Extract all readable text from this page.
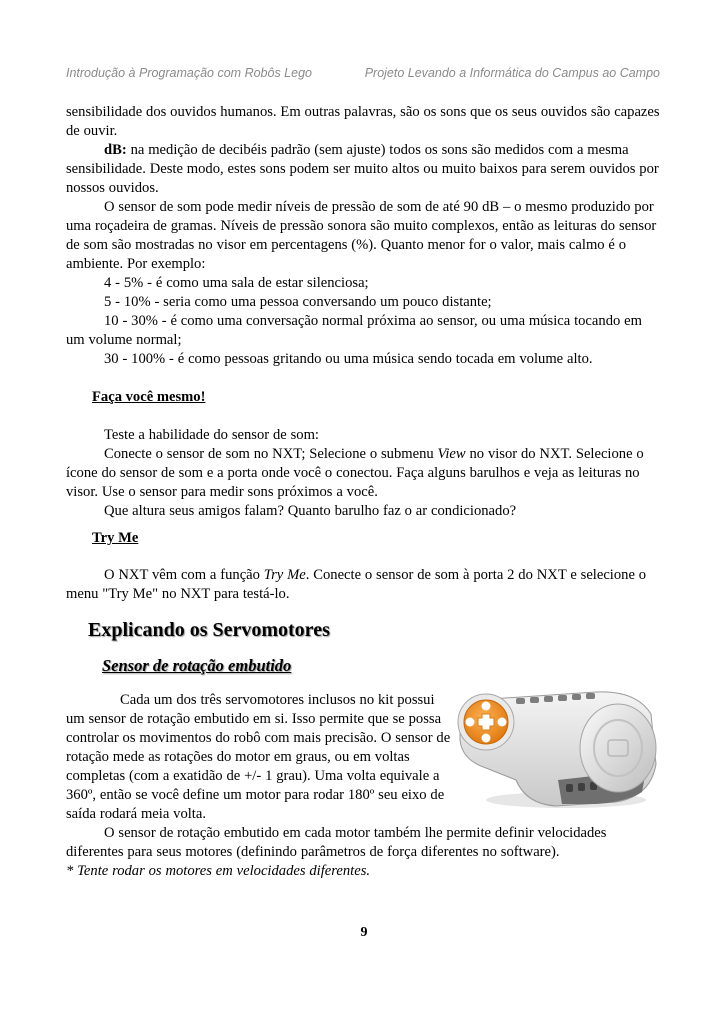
Introdução à Programação com Robôs Lego	Projeto Levando a Informática do Campus ao Campo

sensibilidade dos ouvidos humanos. Em outras palavras, são os sons que os seus ouvidos são capazes de ouvir.

dB: na medição de decibéis padrão (sem ajuste) todos os sons são medidos com a mesma sensibilidade. Deste modo, estes sons podem ser muito altos ou muito baixos para serem ouvidos por nossos ouvidos.

O sensor de som pode medir níveis de pressão de som de até 90 dB – o mesmo produzido por uma roçadeira de gramas. Níveis de pressão sonora são muito complexos, então as leituras do sensor de som são mostradas no visor em percentagens (%). Quanto menor for o valor, mais calmo é o ambiente. Por exemplo:

4 - 5% - é como uma sala de estar silenciosa;

5 - 10% - seria como uma pessoa conversando um pouco distante;

10 - 30% - é como uma conversação normal próxima ao sensor, ou uma música tocando em um volume normal;

30 - 100% - é como pessoas gritando ou uma música sendo tocada em volume alto.

Faça você mesmo!

Teste a habilidade do sensor de som:

Conecte o sensor de som no NXT; Selecione o submenu View no visor do NXT. Selecione o ícone do sensor de som e a porta onde você o conectou. Faça alguns barulhos e veja as leituras no visor. Use o sensor para medir sons próximos a você.

Que altura seus amigos falam? Quanto barulho faz o ar condicionado?

Try Me

O NXT vêm com a função Try Me. Conecte o sensor de som à porta 2 do NXT e selecione o menu "Try Me" no NXT para testá-lo.

Explicando os Servomotores
Sensor de rotação embutido

Cada um dos três servomotores inclusos no kit possui um sensor de rotação embutido em si. Isso permite que se possa controlar os movimentos do robô com mais precisão. O sensor de rotação mede as rotações do motor em graus, ou em voltas completas (com a exatidão de +/- 1 grau). Uma volta equivale a 360º, então se você define um motor para rodar 180º seu eixo de saída rodará meia volta.

O sensor de rotação embutido em cada motor também lhe permite definir velocidades diferentes para seus motores (definindo parâmetros de força diferentes no software).

* Tente rodar os motores em velocidades diferentes.

9
